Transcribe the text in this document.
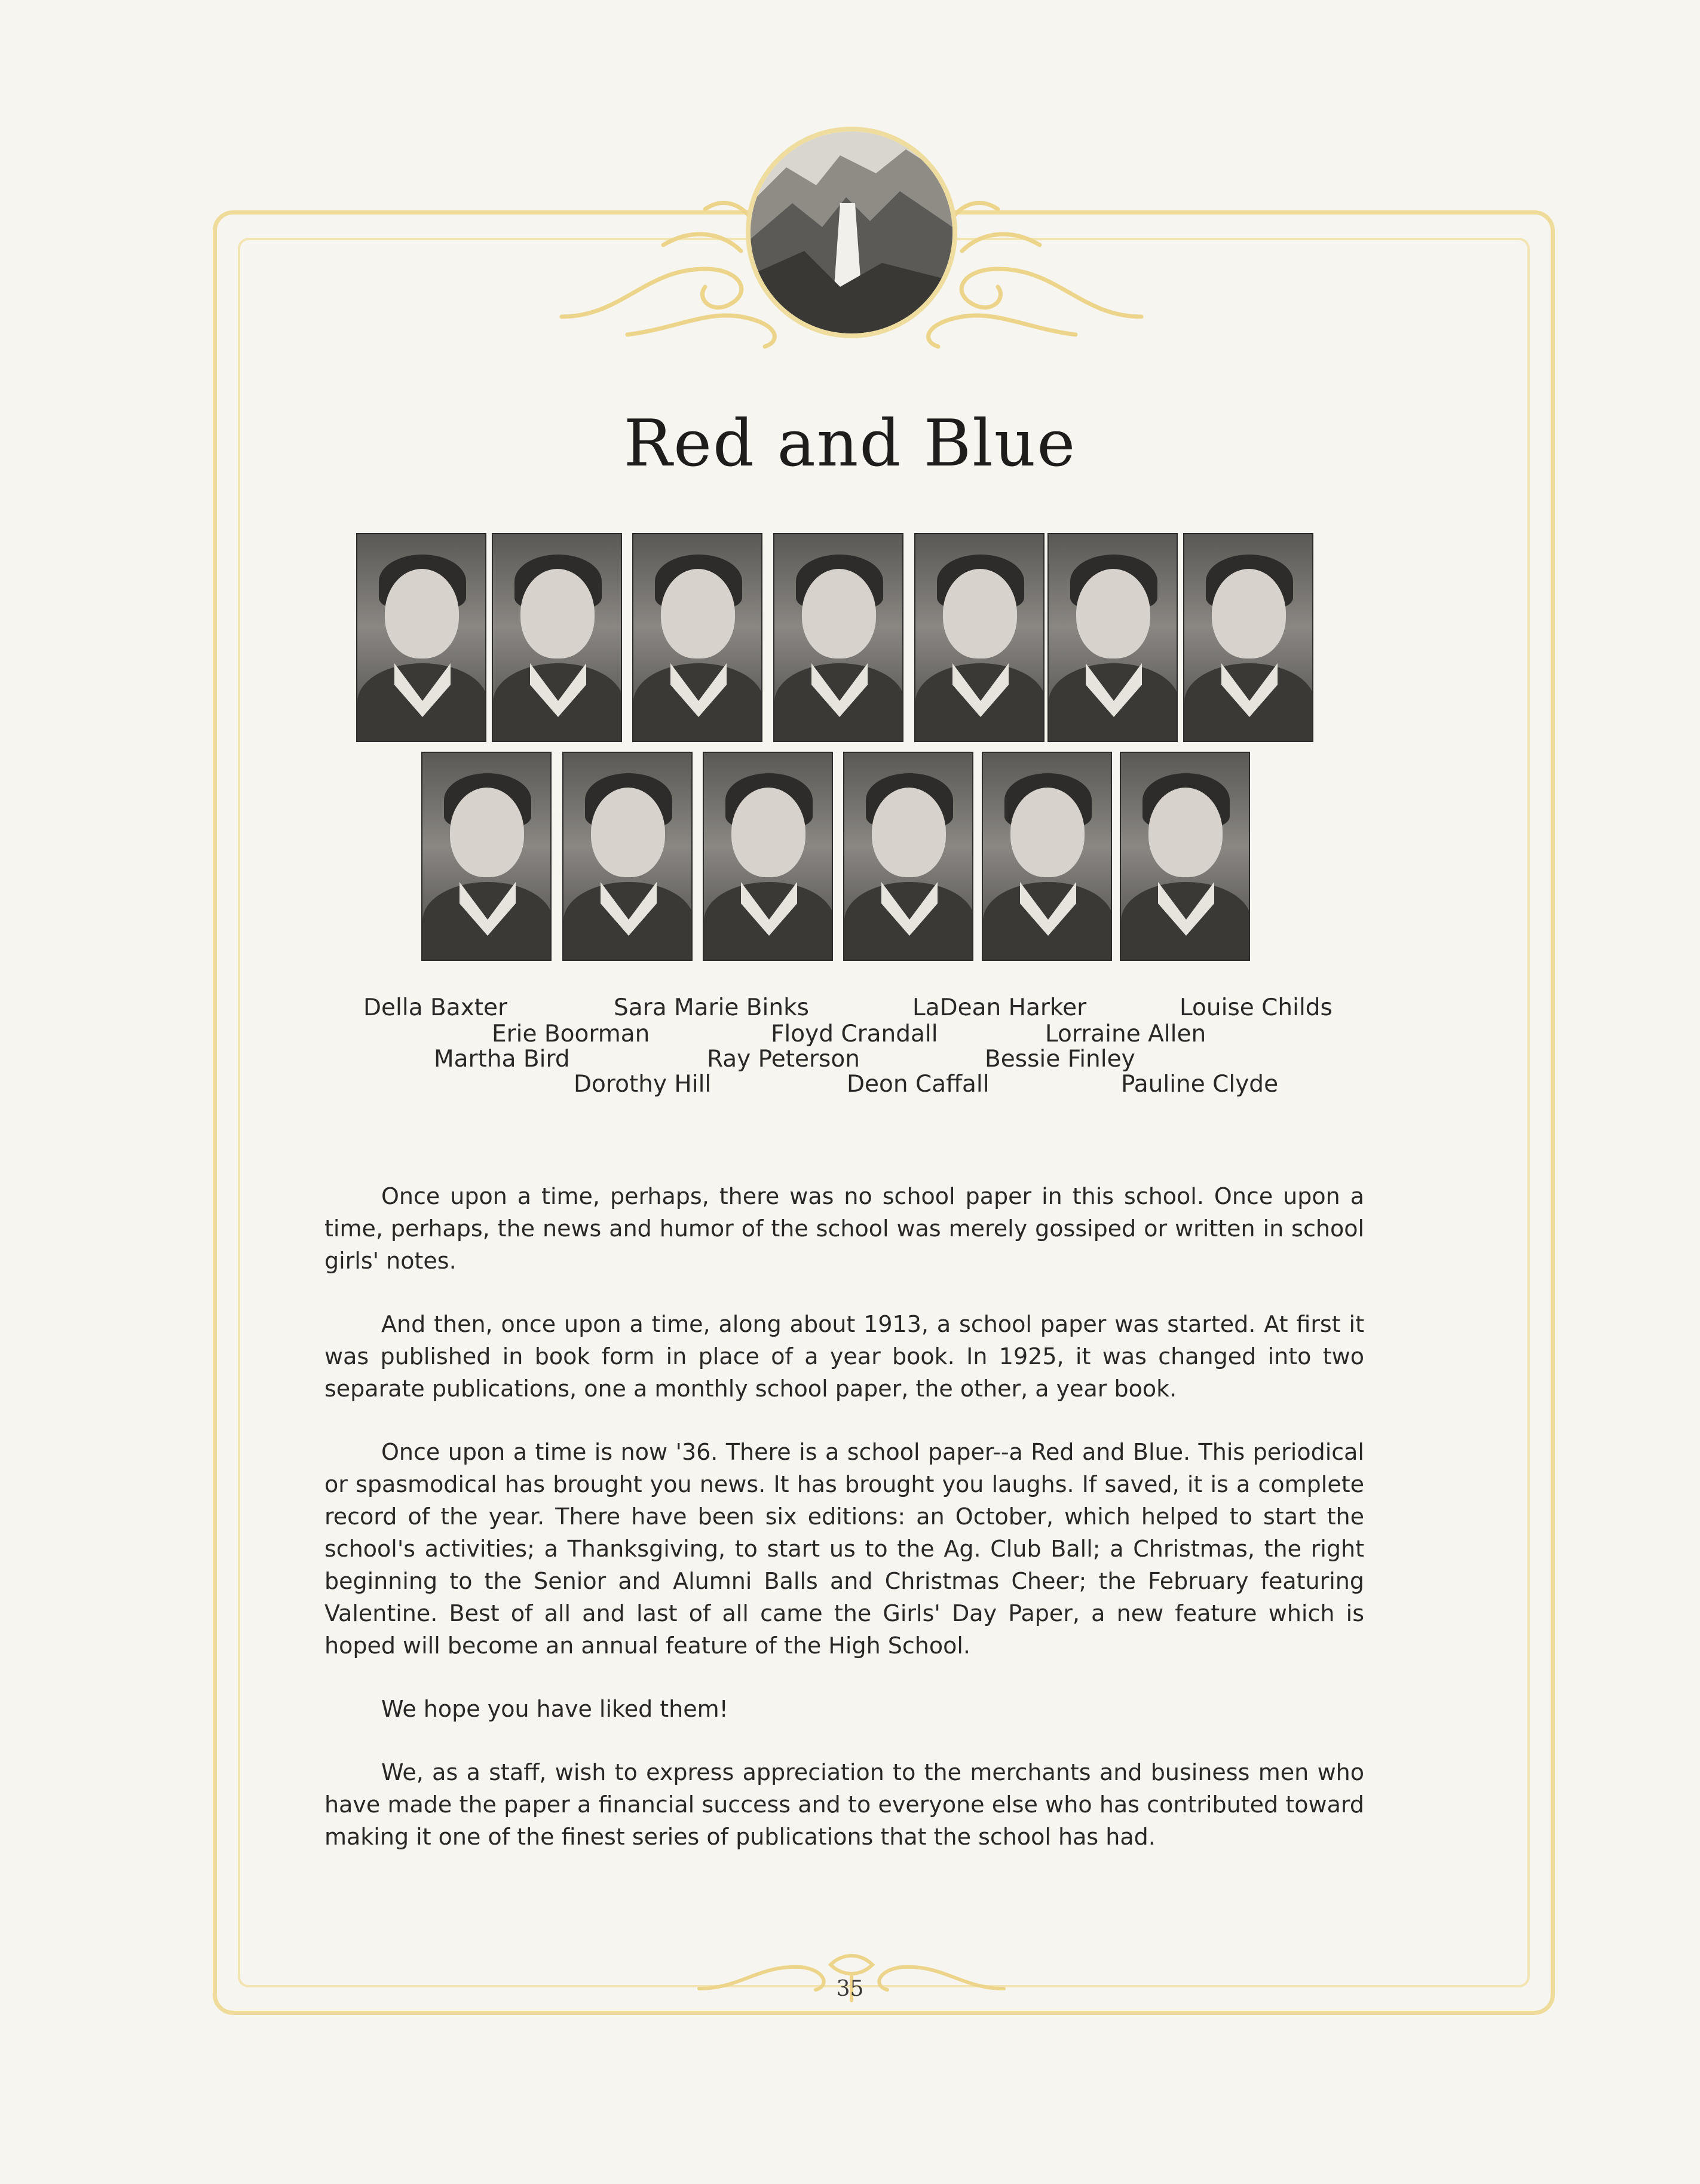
Red and Blue
Della Baxter	Sara Marie Binks	LaDean Harker	Louise Childs
Erie Boorman	Floyd Crandall	Lorraine Allen
Martha Bird	Ray Peterson	Bessie Finley
Dorothy Hill	Deon Caffall	Pauline Clyde

Once upon a time, perhaps, there was no school paper in this school. Once upon a time, perhaps, the news and humor of the school was merely gossiped or written in school girls' notes.

And then, once upon a time, along about 1913, a school paper was started. At first it was published in book form in place of a year book. In 1925, it was changed into two separate publications, one a monthly school paper, the other, a year book.

Once upon a time is now '36. There is a school paper--a Red and Blue. This periodical or spasmodical has brought you news. It has brought you laughs. If saved, it is a complete record of the year. There have been six editions: an October, which helped to start the school's activities; a Thanksgiving, to start us to the Ag. Club Ball; a Christmas, the right beginning to the Senior and Alumni Balls and Christmas Cheer; the February featuring Valentine. Best of all and last of all came the Girls' Day Paper, a new feature which is hoped will become an annual feature of the High School.

We hope you have liked them!

We, as a staff, wish to express appreciation to the merchants and business men who have made the paper a financial success and to everyone else who has contributed toward making it one of the finest series of publications that the school has had.

35
